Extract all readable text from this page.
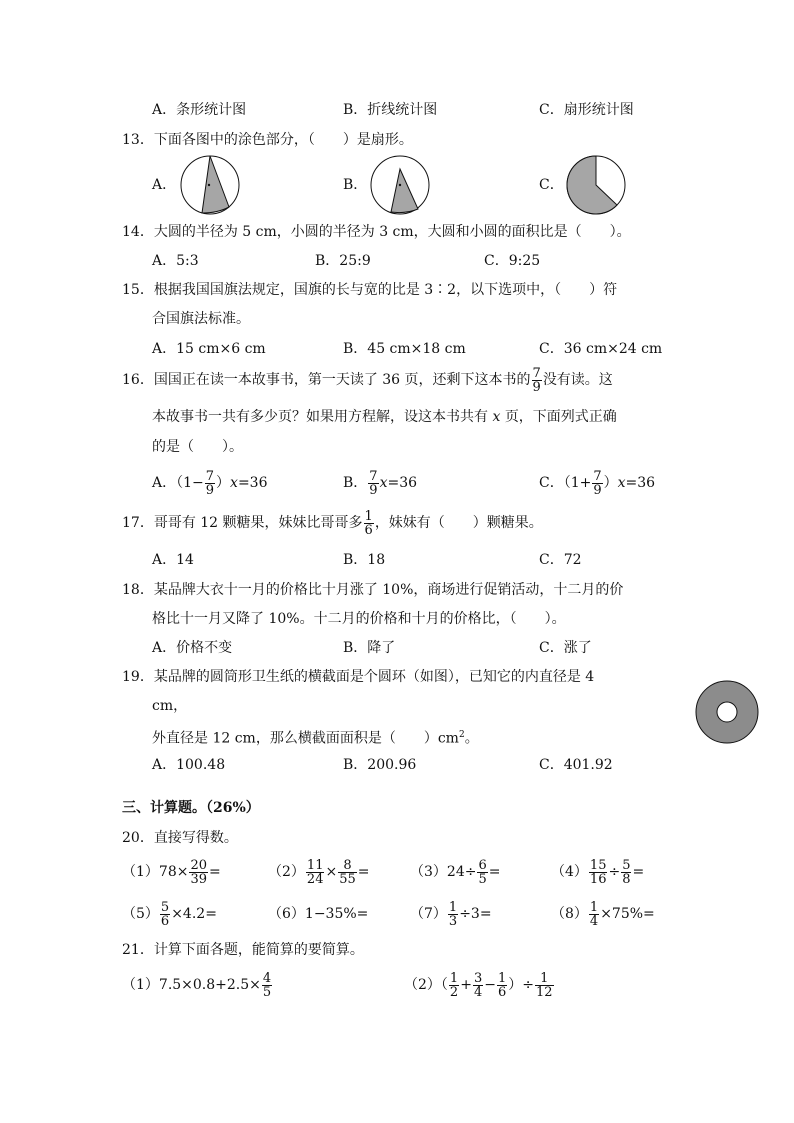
A．条形统计图	B．折线统计图	C．扇形统计图
13．下面各图中的涂色部分，（　　）是扇形。
A．	B．	C．
14．大圆的半径为 5 cm，小圆的半径为 3 cm，大圆和小圆的面积比是（　　）。
A．5:3	B．25:9	C．9:25
15．根据我国国旗法规定，国旗的长与宽的比是 3∶2，以下选项中，（　　）符
合国旗法标准。
A．15 cm×6 cm	B．45 cm×18 cm	C．36 cm×24 cm
16．国国正在读一本故事书，第一天读了 36 页，还剩下这本书的 $\frac{7}{9}$ 没有读。这
本故事书一共有多少页？如果用方程解，设这本书共有 x 页，下面列式正确
的是（　　）。
A．$(1- \frac{7}{9} )x=36$	B． $\frac{7}{9} x=36$	C．$(1+ \frac{7}{9} )x=36$
17．哥哥有 12 颗糖果，妹妹比哥哥多 $\frac{1}{6}$ ，妹妹有（　　）颗糖果。
A．14	B．18	C．72
18．某品牌大衣十一月的价格比十月涨了 10%，商场进行促销活动，十二月的价
格比十一月又降了 10%。十二月的价格和十月的价格比，（　　）。
A．价格不变	B．降了	C．涨了
19．某品牌的圆筒形卫生纸的横截面是个圆环（如图），已知它的内直径是 4
cm，
外直径是 12 cm，那么横截面面积是（　　）$cm^2$。
A．100.48	B．200.96	C．401.92
三、计算题。（26%）
20．直接写得数。
$(1)78\times \frac{20}{39}$ =	$(2) \frac{11}{24} \times \frac{8}{55}$ =	$(3)24\div \frac{6}{5}$ =	$(4) \frac{15}{16} \div \frac{5}{8}$ =
$(5) \frac{5}{6} \times 4.2=$	（6）1−35%=	$(7) \frac{1}{3} \div 3=$	$(8) \frac{1}{4} \times 75\%=$
21．计算下面各题，能简算的要简算。
$(1)7.5\times 0.8+2.5\times \frac{4}{5}$	$(2)( \frac{1}{2} + \frac{3}{4} - \frac{1}{6}$ ）÷ $\frac{1}{12}$
